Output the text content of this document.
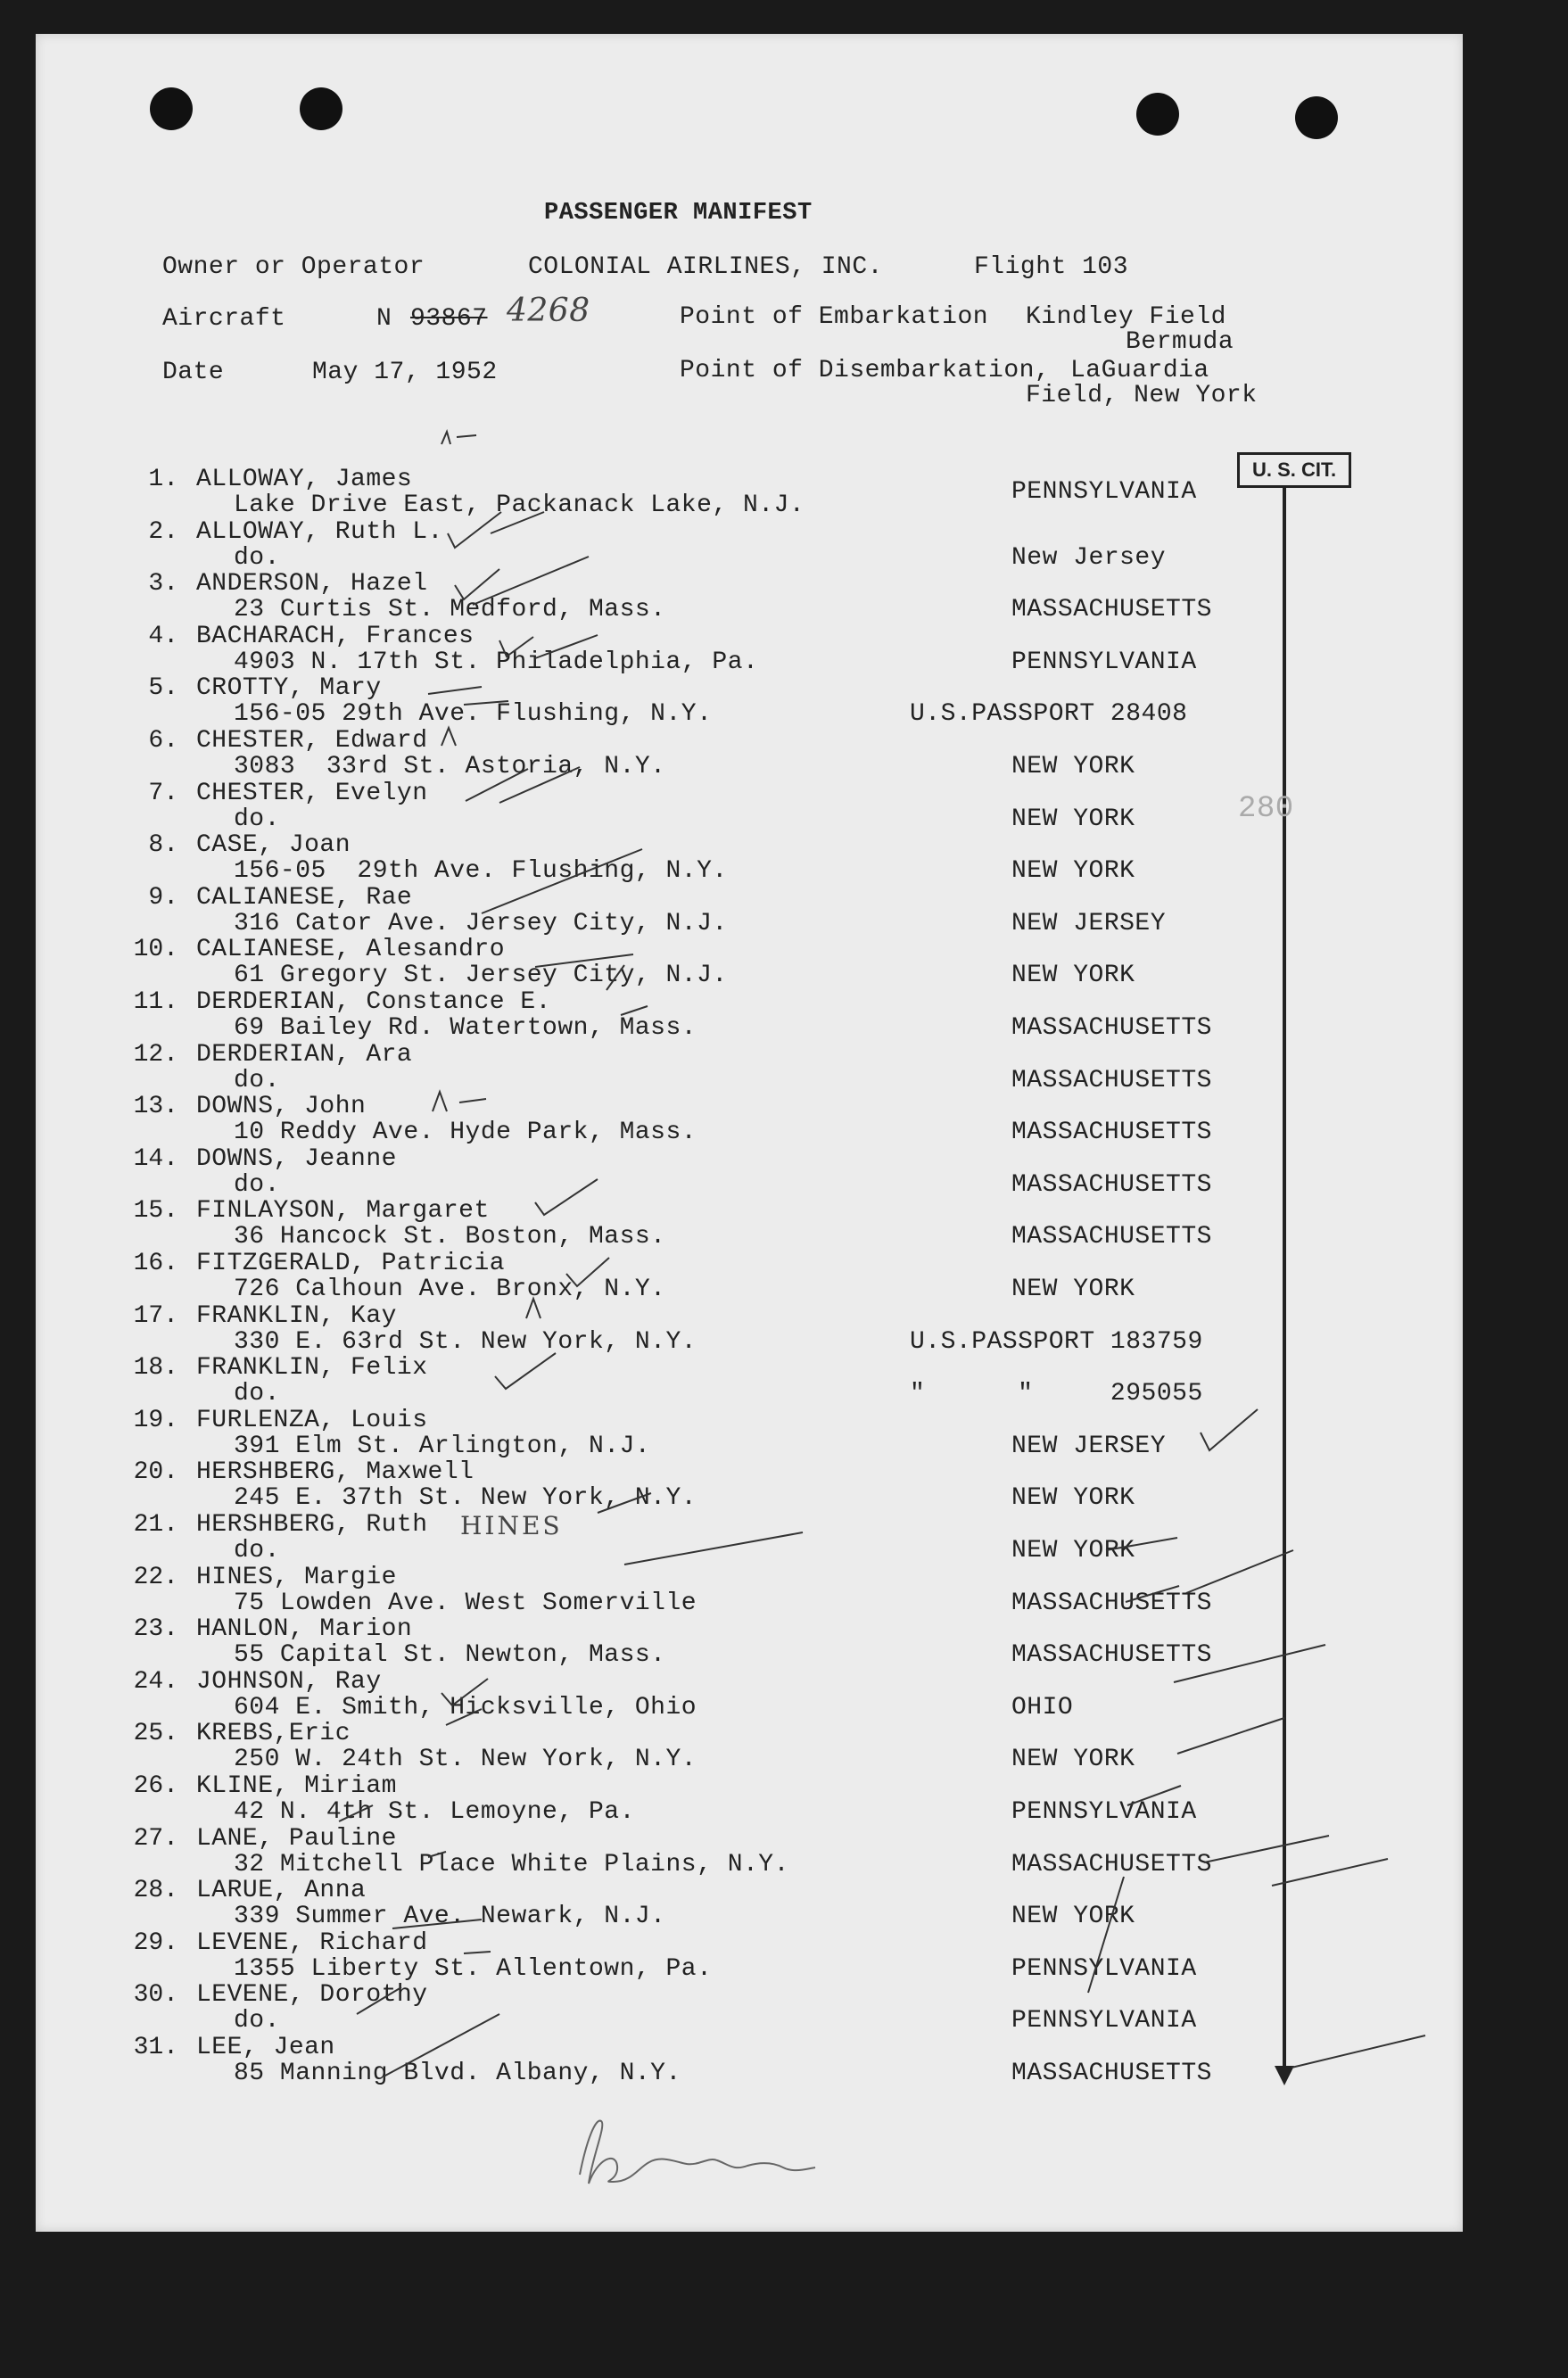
PASSENGER MANIFEST
Owner or Operator	COLONIAL AIRLINES, INC.	Flight 103
Aircraft	N 93867 4268	Point of Embarkation Kindley Field
Bermuda
Date	May 17, 1952	Point of Disembarkation, LaGuardia
Field, New York
U. S. CIT.
280
1. ALLOWAY, James
Lake Drive East, Packanack Lake, N.J.	PENNSYLVANIA
2. ALLOWAY, Ruth L.
do.	New Jersey
3. ANDERSON, Hazel
23 Curtis St. Medford, Mass.	MASSACHUSETTS
4. BACHARACH, Frances
4903 N. 17th St. Philadelphia, Pa.	PENNSYLVANIA
5. CROTTY, Mary
156-05 29th Ave. Flushing, N.Y.	U.S.PASSPORT 28408
6. CHESTER, Edward
3083  33rd St. Astoria, N.Y.	NEW YORK
7. CHESTER, Evelyn
do.	NEW YORK
8. CASE, Joan
156-05  29th Ave. Flushing, N.Y.	NEW YORK
9. CALIANESE, Rae
316 Cator Ave. Jersey City, N.J.	NEW JERSEY
10. CALIANESE, Alesandro
61 Gregory St. Jersey City, N.J.	NEW YORK
11. DERDERIAN, Constance E.
69 Bailey Rd. Watertown, Mass.	MASSACHUSETTS
12. DERDERIAN, Ara
do.	MASSACHUSETTS
13. DOWNS, John
10 Reddy Ave. Hyde Park, Mass.	MASSACHUSETTS
14. DOWNS, Jeanne
do.	MASSACHUSETTS
15. FINLAYSON, Margaret
36 Hancock St. Boston, Mass.	MASSACHUSETTS
16. FITZGERALD, Patricia
726 Calhoun Ave. Bronx, N.Y.	NEW YORK
17. FRANKLIN, Kay
330 E. 63rd St. New York, N.Y.	U.S.PASSPORT 183759
18. FRANKLIN, Felix
do.	"      "     295055
19. FURLENZA, Louis
391 Elm St. Arlington, N.J.	NEW JERSEY
20. HERSHBERG, Maxwell
245 E. 37th St. New York, N.Y.	NEW YORK
21. HERSHBERG, Ruth
do.	NEW YORK
22. HINES, Margie
75 Lowden Ave. West Somerville	MASSACHUSETTS
23. HANLON, Marion
55 Capital St. Newton, Mass.	MASSACHUSETTS
24. JOHNSON, Ray
604 E. Smith, Hicksville, Ohio	OHIO
25. KREBS,Eric
250 W. 24th St. New York, N.Y.	NEW YORK
26. KLINE, Miriam
42 N. 4th St. Lemoyne, Pa.	PENNSYLVANIA
27. LANE, Pauline
32 Mitchell Place White Plains, N.Y.	MASSACHUSETTS
28. LARUE, Anna
339 Summer Ave. Newark, N.J.	NEW YORK
29. LEVENE, Richard
1355 Liberty St. Allentown, Pa.	PENNSYLVANIA
30. LEVENE, Dorothy
do.	PENNSYLVANIA
31. LEE, Jean
85 Manning Blvd. Albany, N.Y.	MASSACHUSETTS
HINES
